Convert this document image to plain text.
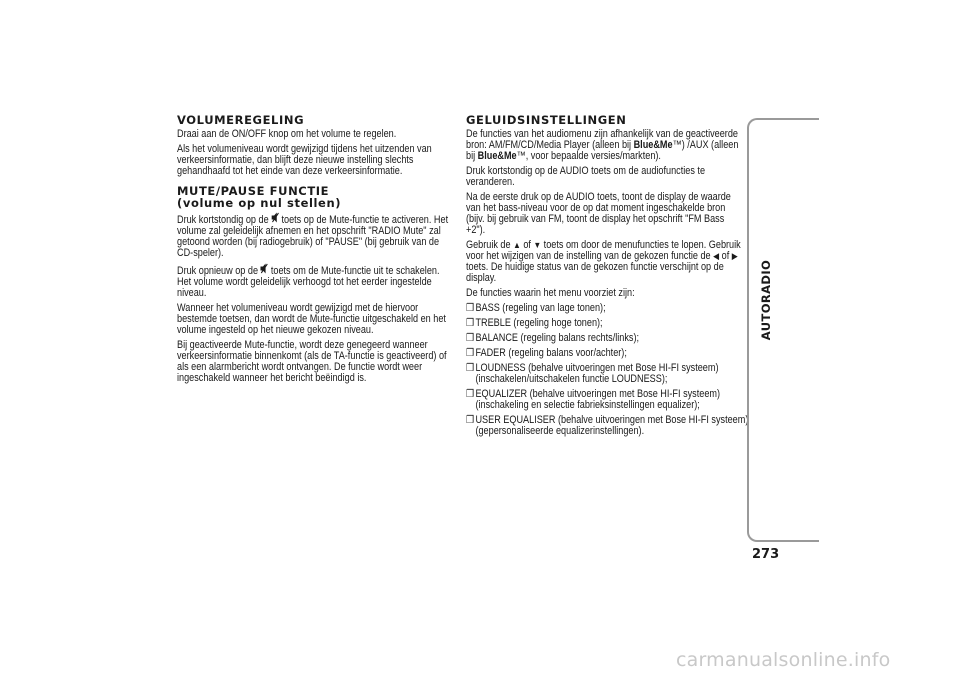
VOLUMEREGELING

Draai aan de ON/OFF knop om het volume te regelen.

Als het volumeniveau wordt gewijzigd tijdens het uitzenden van verkeersinformatie, dan blijft deze nieuwe instelling slechts gehandhaafd tot het einde van deze verkeersinformatie.

MUTE/PAUSE FUNCTIE
(volume op nul stellen)

Druk kortstondig op de toets op de Mute-functie te activeren. Het volume zal geleidelijk afnemen en het opschrift "RADIO Mute" zal getoond worden (bij radiogebruik) of "PAUSE" (bij gebruik van de CD-speler).

Druk opnieuw op de toets om de Mute-functie uit te schakelen. Het volume wordt geleidelijk verhoogd tot het eerder ingestelde niveau.

Wanneer het volumeniveau wordt gewijzigd met de hiervoor bestemde toetsen, dan wordt de Mute-functie uitgeschakeld en het volume ingesteld op het nieuwe gekozen niveau.

Bij geactiveerde Mute-functie, wordt deze genegeerd wanneer verkeersinformatie binnenkomt (als de TA-functie is geactiveerd) of als een alarmbericht wordt ontvangen. De functie wordt weer ingeschakeld wanneer het bericht beëindigd is.

GELUIDSINSTELLINGEN

De functies van het audiomenu zijn afhankelijk van de geactiveerde bron: AM/FM/CD/Media Player (alleen bij Blue&Me™) /AUX (alleen bij Blue&Me™, voor bepaalde versies/markten).

Druk kortstondig op de AUDIO toets om de audiofuncties te veranderen.

Na de eerste druk op de AUDIO toets, toont de display de waarde van het bass-niveau voor de op dat moment ingeschakelde bron (bijv. bij gebruik van FM, toont de display het opschrift "FM Bass +2").

Gebruik de ▲ of ▼ toets om door de menufuncties te lopen. Gebruik voor het wijzigen van de instelling van de gekozen functie de ◀ of ▶ toets. De huidige status van de gekozen functie verschijnt op de display.

De functies waarin het menu voorziet zijn:

❒BASS (regeling van lage tonen);
❒TREBLE (regeling hoge tonen);
❒BALANCE (regeling balans rechts/links);
❒FADER (regeling balans voor/achter);
❒LOUDNESS (behalve uitvoeringen met Bose HI-FI systeem) (inschakelen/uitschakelen functie LOUDNESS);
❒EQUALIZER (behalve uitvoeringen met Bose HI-FI systeem) (inschakeling en selectie fabrieksinstellingen equalizer);
❒USER EQUALISER (behalve uitvoeringen met Bose HI-FI systeem) (gepersonaliseerde equalizerinstellingen).
AUTORADIO
273
carmanualsonline.info
